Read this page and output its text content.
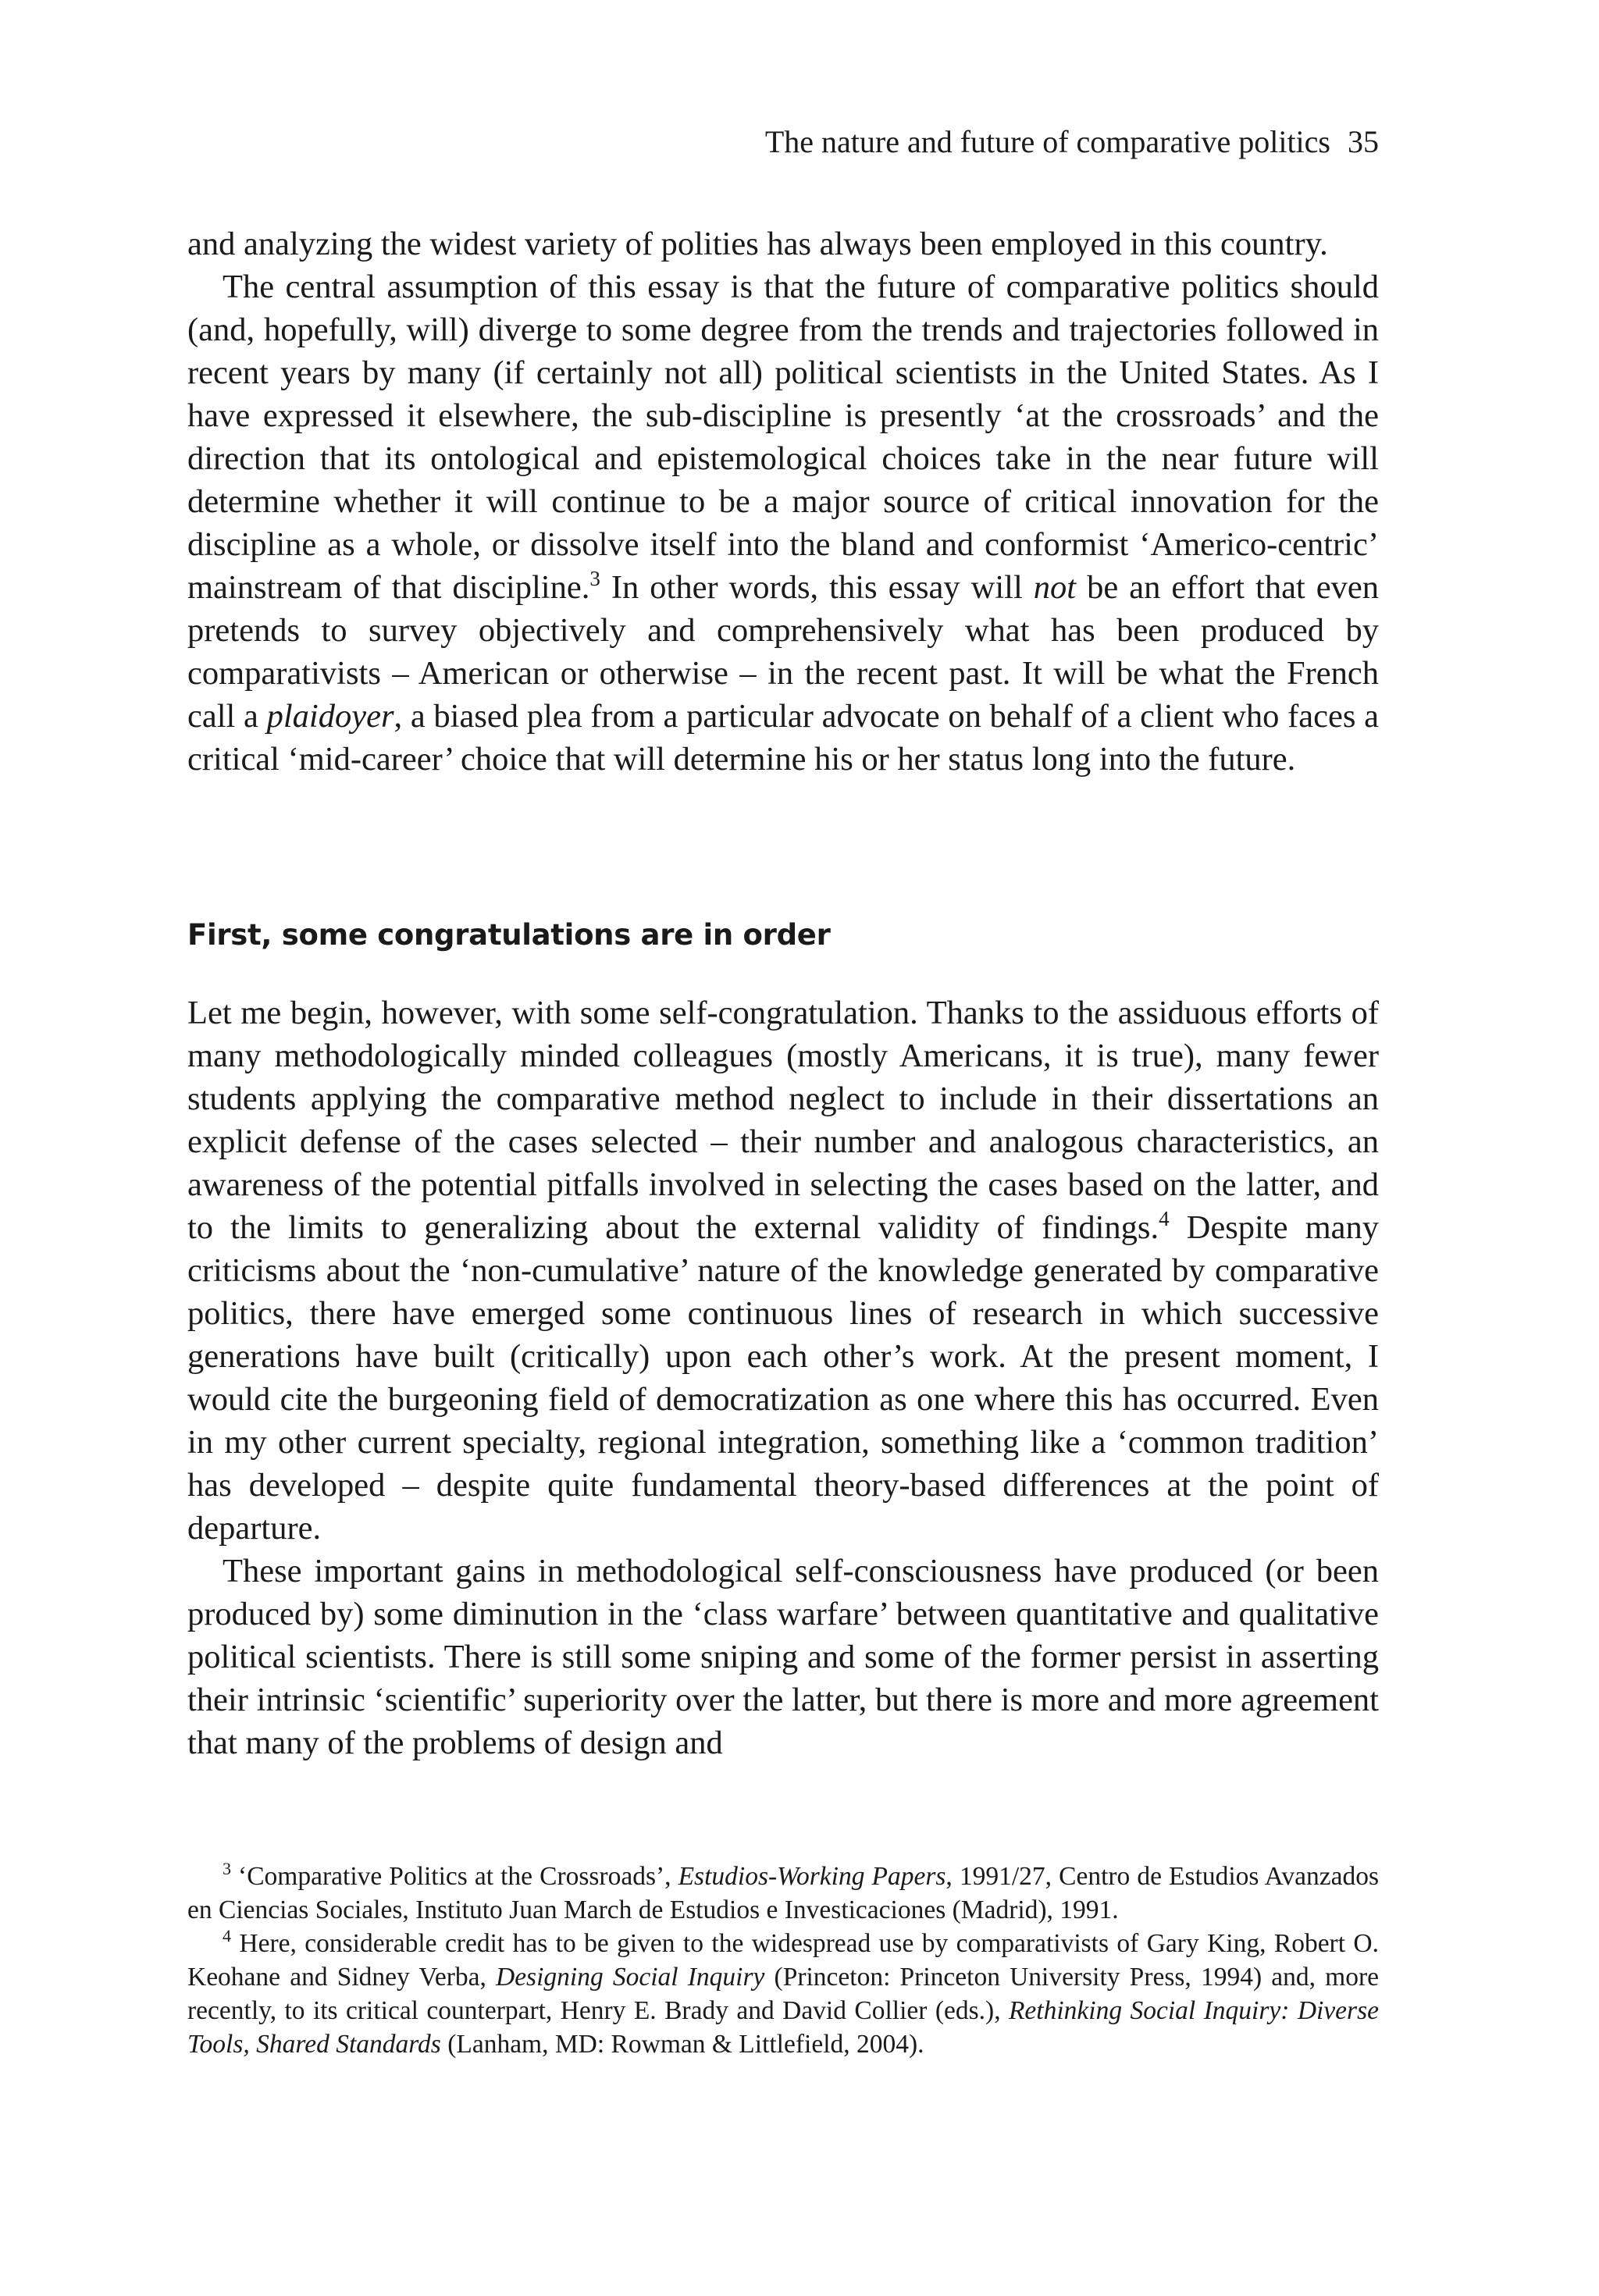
The nature and future of comparative politics 35

and analyzing the widest variety of polities has always been employed in this country.

The central assumption of this essay is that the future of comparative politics should (and, hopefully, will) diverge to some degree from the trends and trajectories followed in recent years by many (if certainly not all) political scientists in the United States. As I have expressed it elsewhere, the sub-discipline is presently ‘at the crossroads’ and the direction that its ontological and epistemological choices take in the near future will determine whether it will continue to be a major source of critical innovation for the discipline as a whole, or dissolve itself into the bland and conformist ‘Americo-centric’ mainstream of that discipline.$^3$ In other words, this essay will not be an effort that even pretends to survey objectively and comprehensively what has been produced by comparativists – American or otherwise – in the recent past. It will be what the French call a plaidoyer, a biased plea from a particular advocate on behalf of a client who faces a critical ‘mid-career’ choice that will determine his or her status long into the future.

First, some congratulations are in order

Let me begin, however, with some self-congratulation. Thanks to the assiduous efforts of many methodologically minded colleagues (mostly Americans, it is true), many fewer students applying the comparative method neglect to include in their dissertations an explicit defense of the cases selected – their number and analogous characteristics, an awareness of the potential pitfalls involved in selecting the cases based on the latter, and to the limits to generalizing about the external validity of findings.$^4$ Despite many criticisms about the ‘non-cumulative’ nature of the knowledge generated by comparative politics, there have emerged some continuous lines of research in which successive generations have built (critically) upon each other’s work. At the present moment, I would cite the burgeoning field of democratization as one where this has occurred. Even in my other current specialty, regional integration, something like a ‘common tradition’ has developed – despite quite fundamental theory-based differences at the point of departure.

These important gains in methodological self-consciousness have produced (or been produced by) some diminution in the ‘class warfare’ between quantitative and qualitative political scientists. There is still some sniping and some of the former persist in asserting their intrinsic ‘scientific’ superiority over the latter, but there is more and more agreement that many of the problems of design and

$^3$ ‘Comparative Politics at the Crossroads’, Estudios-Working Papers, 1991/27, Centro de Estudios Avanzados en Ciencias Sociales, Instituto Juan March de Estudios e Investicaciones (Madrid), 1991.

$^4$ Here, considerable credit has to be given to the widespread use by comparativists of Gary King, Robert O. Keohane and Sidney Verba, Designing Social Inquiry (Princeton: Princeton University Press, 1994) and, more recently, to its critical counterpart, Henry E. Brady and David Collier (eds.), Rethinking Social Inquiry: Diverse Tools, Shared Standards (Lanham, MD: Rowman & Littlefield, 2004).
